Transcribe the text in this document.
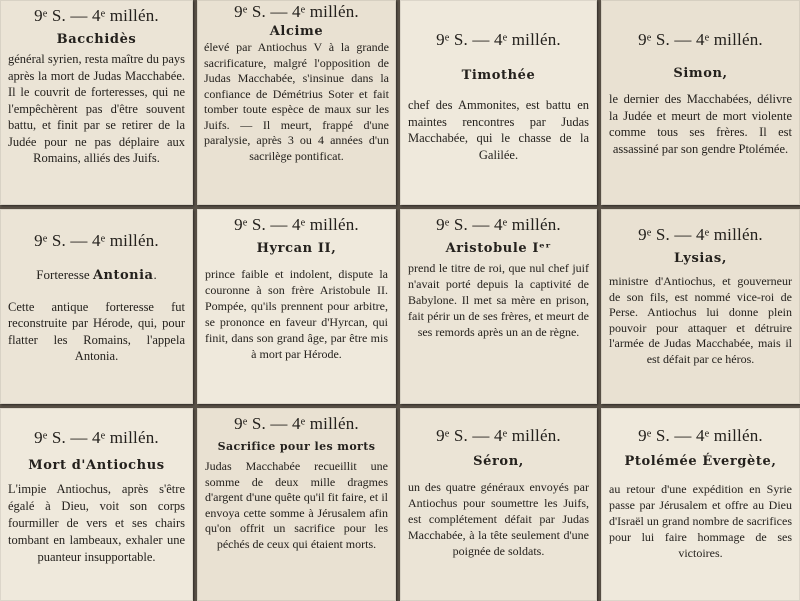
9ᵉ S. — 4ᵉ millén.
Bacchidès

général syrien, resta maître du pays après la mort de Judas Macchabée. Il le couvrit de forteresses, qui ne l'empêchèrent pas d'être souvent battu, et finit par se retirer de la Judée pour ne pas déplaire aux Romains, alliés des Juifs.

9ᵉ S. — 4ᵉ millén.
Alcime

élevé par Antiochus V à la grande sacrificature, malgré l'opposition de Judas Macchabée, s'insinue dans la confiance de Démétrius Soter et fait tomber toute espèce de maux sur les Juifs. — Il meurt, frappé d'une paralysie, après 3 ou 4 années d'un sacrilège pontificat.

9ᵉ S. — 4ᵉ millén.
Timothée

chef des Ammonites, est battu en maintes rencontres par Judas Macchabée, qui le chasse de la Galilée.

9ᵉ S. — 4ᵉ millén.
Simon,

le dernier des Macchabées, délivre la Judée et meurt de mort violente comme tous ses frères. Il est assassiné par son gendre Ptolémée.

9ᵉ S. — 4ᵉ millén.
Forteresse Antonia.

Cette antique forteresse fut reconstruite par Hérode, qui, pour flatter les Romains, l'appela Antonia.

9ᵉ S. — 4ᵉ millén.
Hyrcan II,

prince faible et indolent, dispute la couronne à son frère Aristobule II. Pompée, qu'ils prennent pour arbitre, se prononce en faveur d'Hyrcan, qui finit, dans son grand âge, par être mis à mort par Hérode.

9ᵉ S. — 4ᵉ millén.
Aristobule Iᵉʳ

prend le titre de roi, que nul chef juif n'avait porté depuis la captivité de Babylone. Il met sa mère en prison, fait périr un de ses frères, et meurt de ses remords après un an de règne.

9ᵉ S. — 4ᵉ millén.
Lysias,

ministre d'Antiochus, et gouverneur de son fils, est nommé vice-roi de Perse. Antiochus lui donne plein pouvoir pour attaquer et détruire l'armée de Judas Macchabée, mais il est défait par ce héros.

9ᵉ S. — 4ᵉ millén.
Mort d'Antiochus

L'impie Antiochus, après s'être égalé à Dieu, voit son corps fourmiller de vers et ses chairs tombant en lambeaux, exhaler une puanteur insupportable.

9ᵉ S. — 4ᵉ millén.
Sacrifice pour les morts

Judas Macchabée recueillit une somme de deux mille dragmes d'argent d'une quête qu'il fit faire, et il envoya cette somme à Jérusalem afin qu'on offrit un sacrifice pour les péchés de ceux qui étaient morts.

9ᵉ S. — 4ᵉ millén.
Séron,

un des quatre généraux envoyés par Antiochus pour soumettre les Juifs, est complétement défait par Judas Macchabée, à la tête seulement d'une poignée de soldats.

9ᵉ S. — 4ᵉ millén.
Ptolémée Évergète,

au retour d'une expédition en Syrie passe par Jérusalem et offre au Dieu d'Israël un grand nombre de sacrifices pour lui faire hommage de ses victoires.
